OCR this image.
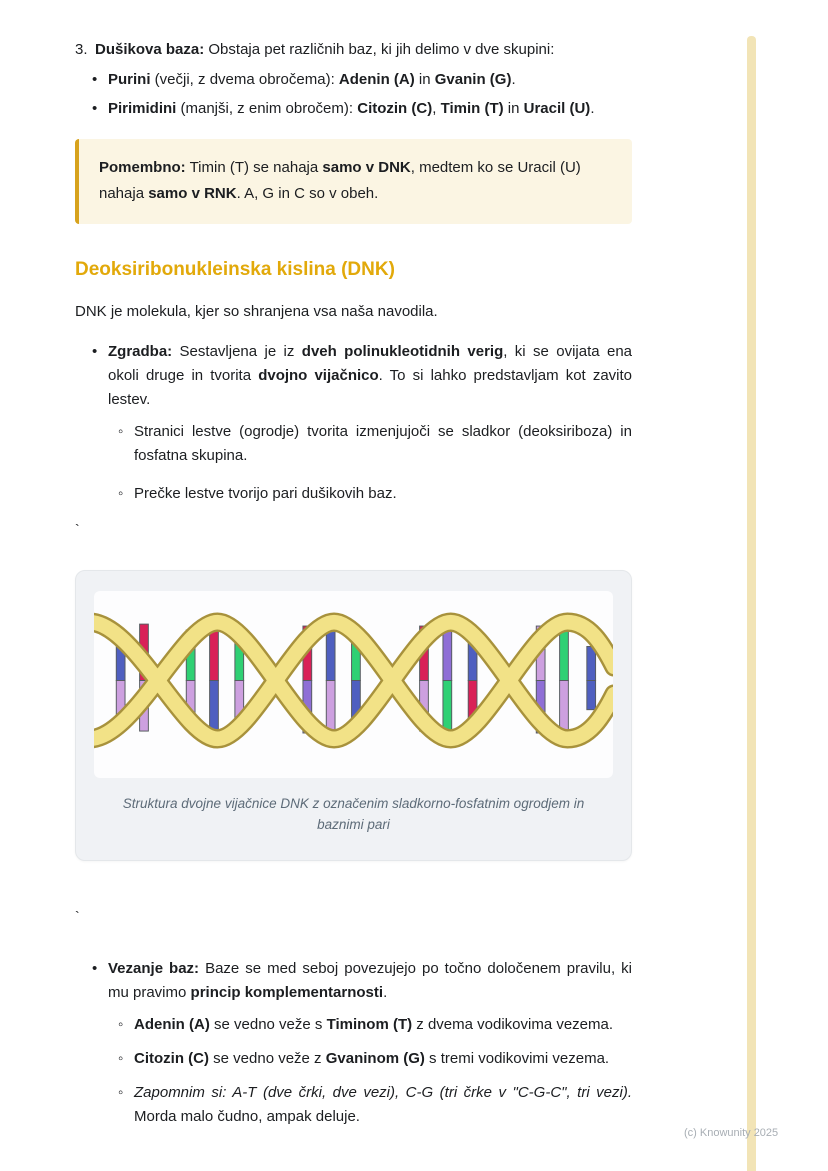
3. Dušikova baza: Obstaja pet različnih baz, ki jih delimo v dve skupini:
• Purini (večji, z dvema obročema): Adenin (A) in Gvanin (G).
• Pirimidini (manjši, z enim obročem): Citozin (C), Timin (T) in Uracil (U).
Pomembno: Timin (T) se nahaja samo v DNK, medtem ko se Uracil (U) nahaja samo v RNK. A, G in C so v obeh.
Deoksiribonukleinska kislina (DNK)

DNK je molekula, kjer so shranjena vsa naša navodila.

• Zgradba: Sestavljena je iz dveh polinukleotidnih verig, ki se ovijata ena okoli druge in tvorita dvojno vijačnico. To si lahko predstavljam kot zavito lestev.
◦ Stranici lestve (ogrodje) tvorita izmenjujoči se sladkor (deoksiriboza) in fosfatna skupina.
◦ Prečke lestve tvorijo pari dušikovih baz.
`
Struktura dvojne vijačnice DNK z označenim sladkorno-fosfatnim ogrodjem in baznimi pari
`
• Vezanje baz: Baze se med seboj povezujejo po točno določenem pravilu, ki mu pravimo princip komplementarnosti.
◦ Adenin (A) se vedno veže s Timinom (T) z dvema vodikovima vezema.
◦ Citozin (C) se vedno veže z Gvaninom (G) s tremi vodikovimi vezema.
◦ Zapomnim si: A-T (dve črki, dve vezi), C-G (tri črke v "C-G-C", tri vezi). Morda malo čudno, ampak deluje.
(c) Knowunity 2025
